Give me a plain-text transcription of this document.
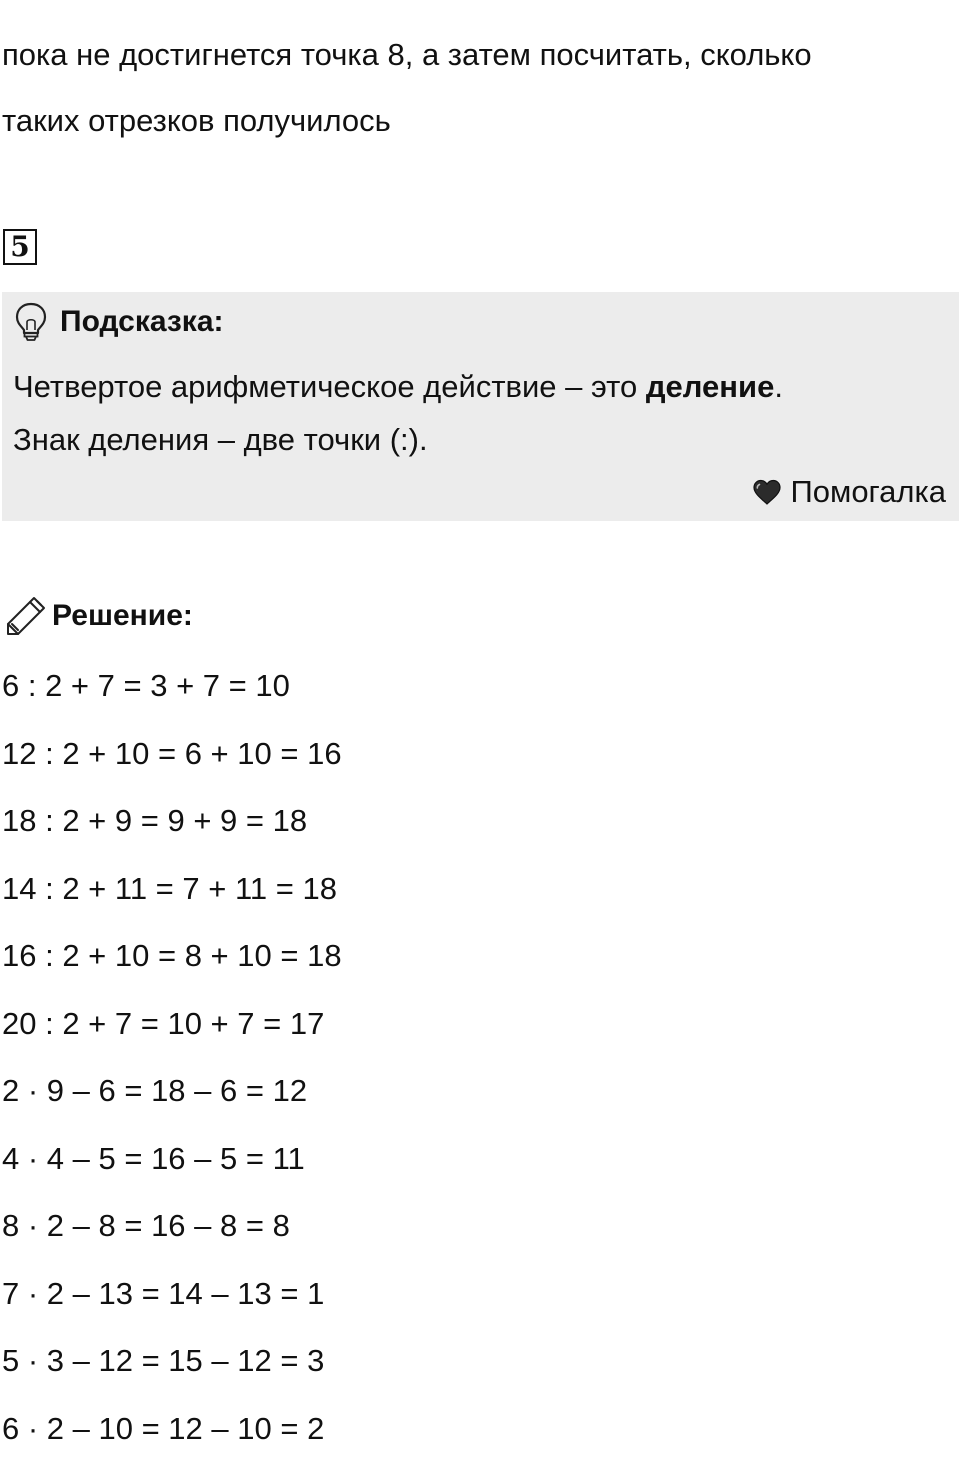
пока не достигнется точка 8, а затем посчитать, сколько

таких отрезков получилось

5
Подсказка:
Четвертое арифметическое действие – это деление.
Знак деления – две точки (:).
Помогалка
Решение:
6 : 2 + 7 = 3 + 7 = 10
12 : 2 + 10 = 6 + 10 = 16
18 : 2 + 9 = 9 + 9 = 18
14 : 2 + 11 = 7 + 11 = 18
16 : 2 + 10 = 8 + 10 = 18
20 : 2 + 7 = 10 + 7 = 17
2 · 9 – 6 = 18 – 6 = 12
4 · 4 – 5 = 16 – 5 = 11
8 · 2 – 8 = 16 – 8 = 8
7 · 2 – 13 = 14 – 13 = 1
5 · 3 – 12 = 15 – 12 = 3
6 · 2 – 10 = 12 – 10 = 2
